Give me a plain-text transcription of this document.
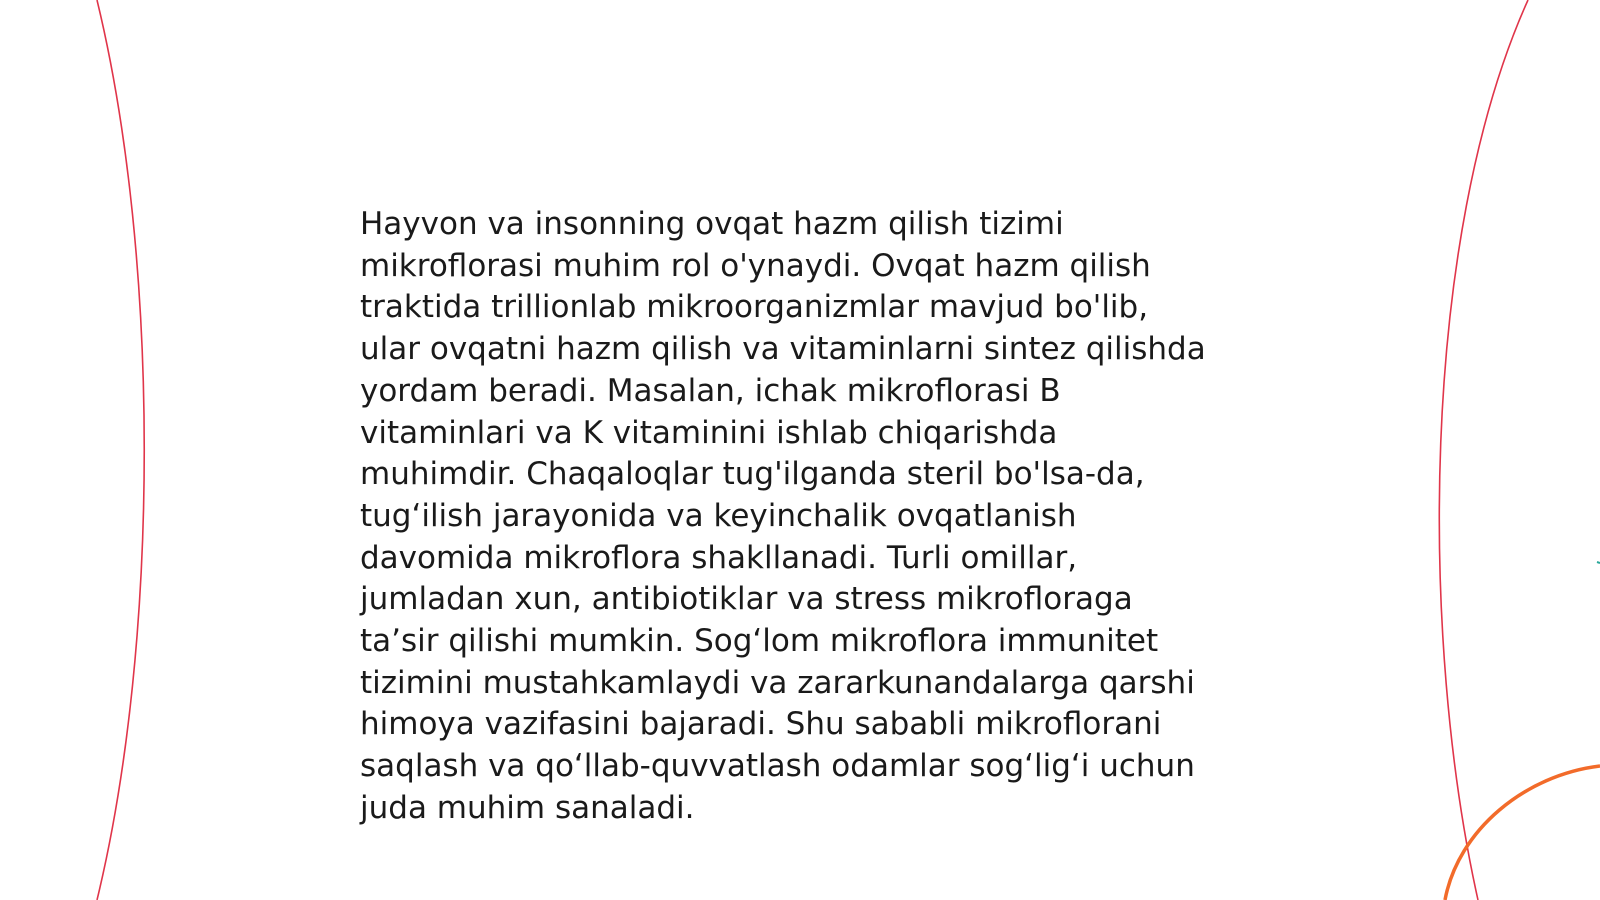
Hayvon va insonning ovqat hazm qilish tizimi
mikroflorasi muhim rol o'ynaydi. Ovqat hazm qilish
traktida trillionlab mikroorganizmlar mavjud bo'lib,
ular ovqatni hazm qilish va vitaminlarni sintez qilishda
yordam beradi. Masalan, ichak mikroflorasi B
vitaminlari va K vitaminini ishlab chiqarishda
muhimdir. Chaqaloqlar tug'ilganda steril bo'lsa-da,
tug‘ilish jarayonida va keyinchalik ovqatlanish
davomida mikroflora shakllanadi. Turli omillar,
jumladan xun, antibiotiklar va stress mikrofloraga
ta’sir qilishi mumkin. Sog‘lom mikroflora immunitet
tizimini mustahkamlaydi va zararkunandalarga qarshi
himoya vazifasini bajaradi. Shu sababli mikroflorani
saqlash va qo‘llab-quvvatlash odamlar sog‘lig‘i uchun
juda muhim sanaladi.
